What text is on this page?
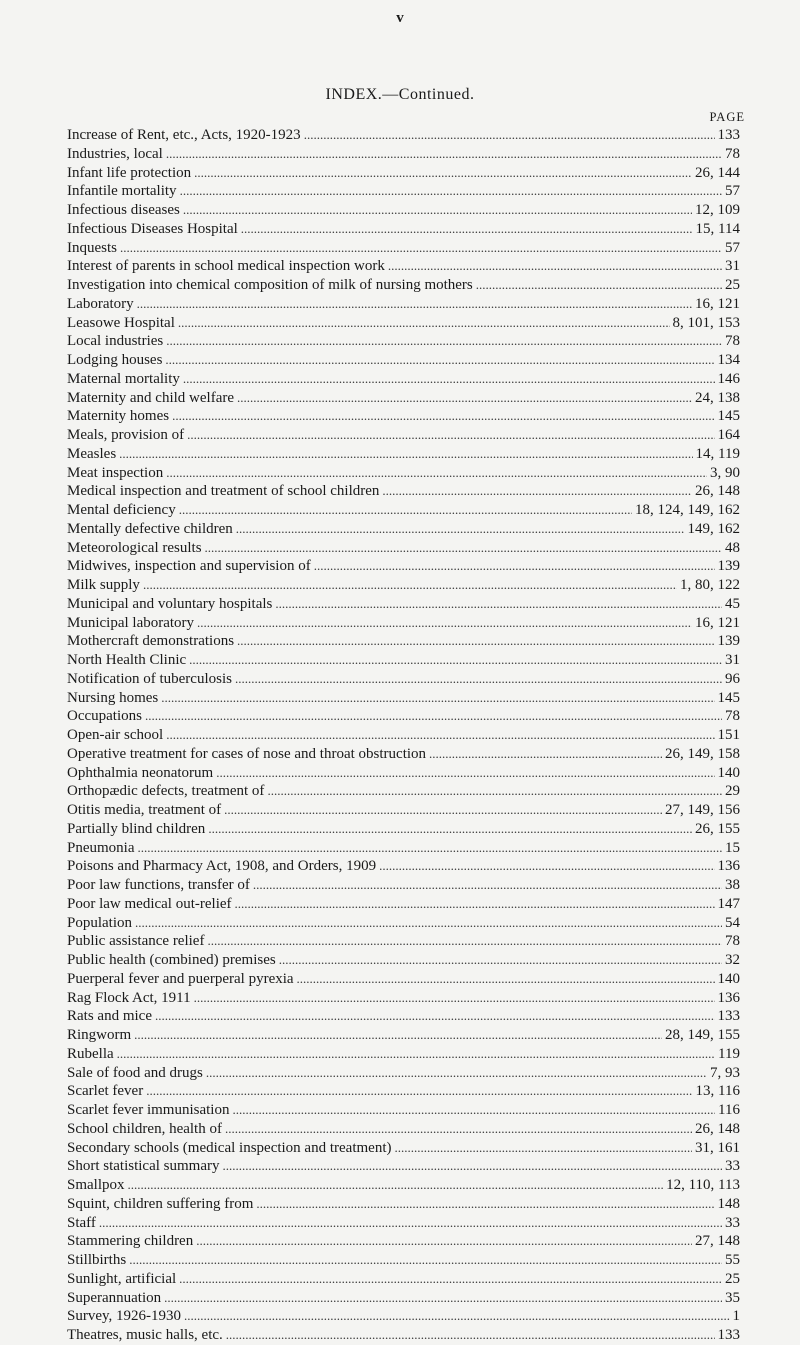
v
INDEX.—Continued.
PAGE
Increase of Rent, etc., Acts, 1920-1923 .....	133
Industries, local .....	78
Infant life protection .....	26, 144
Infantile mortality .....	57
Infectious diseases .....	12, 109
Infectious Diseases Hospital .....	15, 114
Inquests .....	57
Interest of parents in school medical inspection work .....	31
Investigation into chemical composition of milk of nursing mothers .....	25
Laboratory .....	16, 121
Leasowe Hospital .....	8, 101, 153
Local industries .....	78
Lodging houses .....	134
Maternal mortality .....	146
Maternity and child welfare .....	24, 138
Maternity homes .....	145
Meals, provision of .....	164
Measles .....	14, 119
Meat inspection .....	3, 90
Medical inspection and treatment of school children .....	26, 148
Mental deficiency .....	18, 124, 149, 162
Mentally defective children .....	149, 162
Meteorological results .....	48
Midwives, inspection and supervision of .....	139
Milk supply .....	1, 80, 122
Municipal and voluntary hospitals .....	45
Municipal laboratory .....	16, 121
Mothercraft demonstrations .....	139
North Health Clinic .....	31
Notification of tuberculosis .....	96
Nursing homes .....	145
Occupations .....	78
Open-air school .....	151
Operative treatment for cases of nose and throat obstruction .....	26, 149, 158
Ophthalmia neonatorum .....	140
Orthopædic defects, treatment of .....	29
Otitis media, treatment of .....	27, 149, 156
Partially blind children .....	26, 155
Pneumonia .....	15
Poisons and Pharmacy Act, 1908, and Orders, 1909 .....	136
Poor law functions, transfer of .....	38
Poor law medical out-relief .....	147
Population .....	54
Public assistance relief .....	78
Public health (combined) premises .....	32
Puerperal fever and puerperal pyrexia .....	140
Rag Flock Act, 1911 .....	136
Rats and mice .....	133
Ringworm .....	28, 149, 155
Rubella .....	119
Sale of food and drugs .....	7, 93
Scarlet fever .....	13, 116
Scarlet fever immunisation .....	116
School children, health of .....	26, 148
Secondary schools (medical inspection and treatment) .....	31, 161
Short statistical summary .....	33
Smallpox .....	12, 110, 113
Squint, children suffering from .....	148
Staff .....	33
Stammering children .....	27, 148
Stillbirths .....	55
Sunlight, artificial .....	25
Superannuation .....	35
Survey, 1926-1930 .....	1
Theatres, music halls, etc. .....	133
